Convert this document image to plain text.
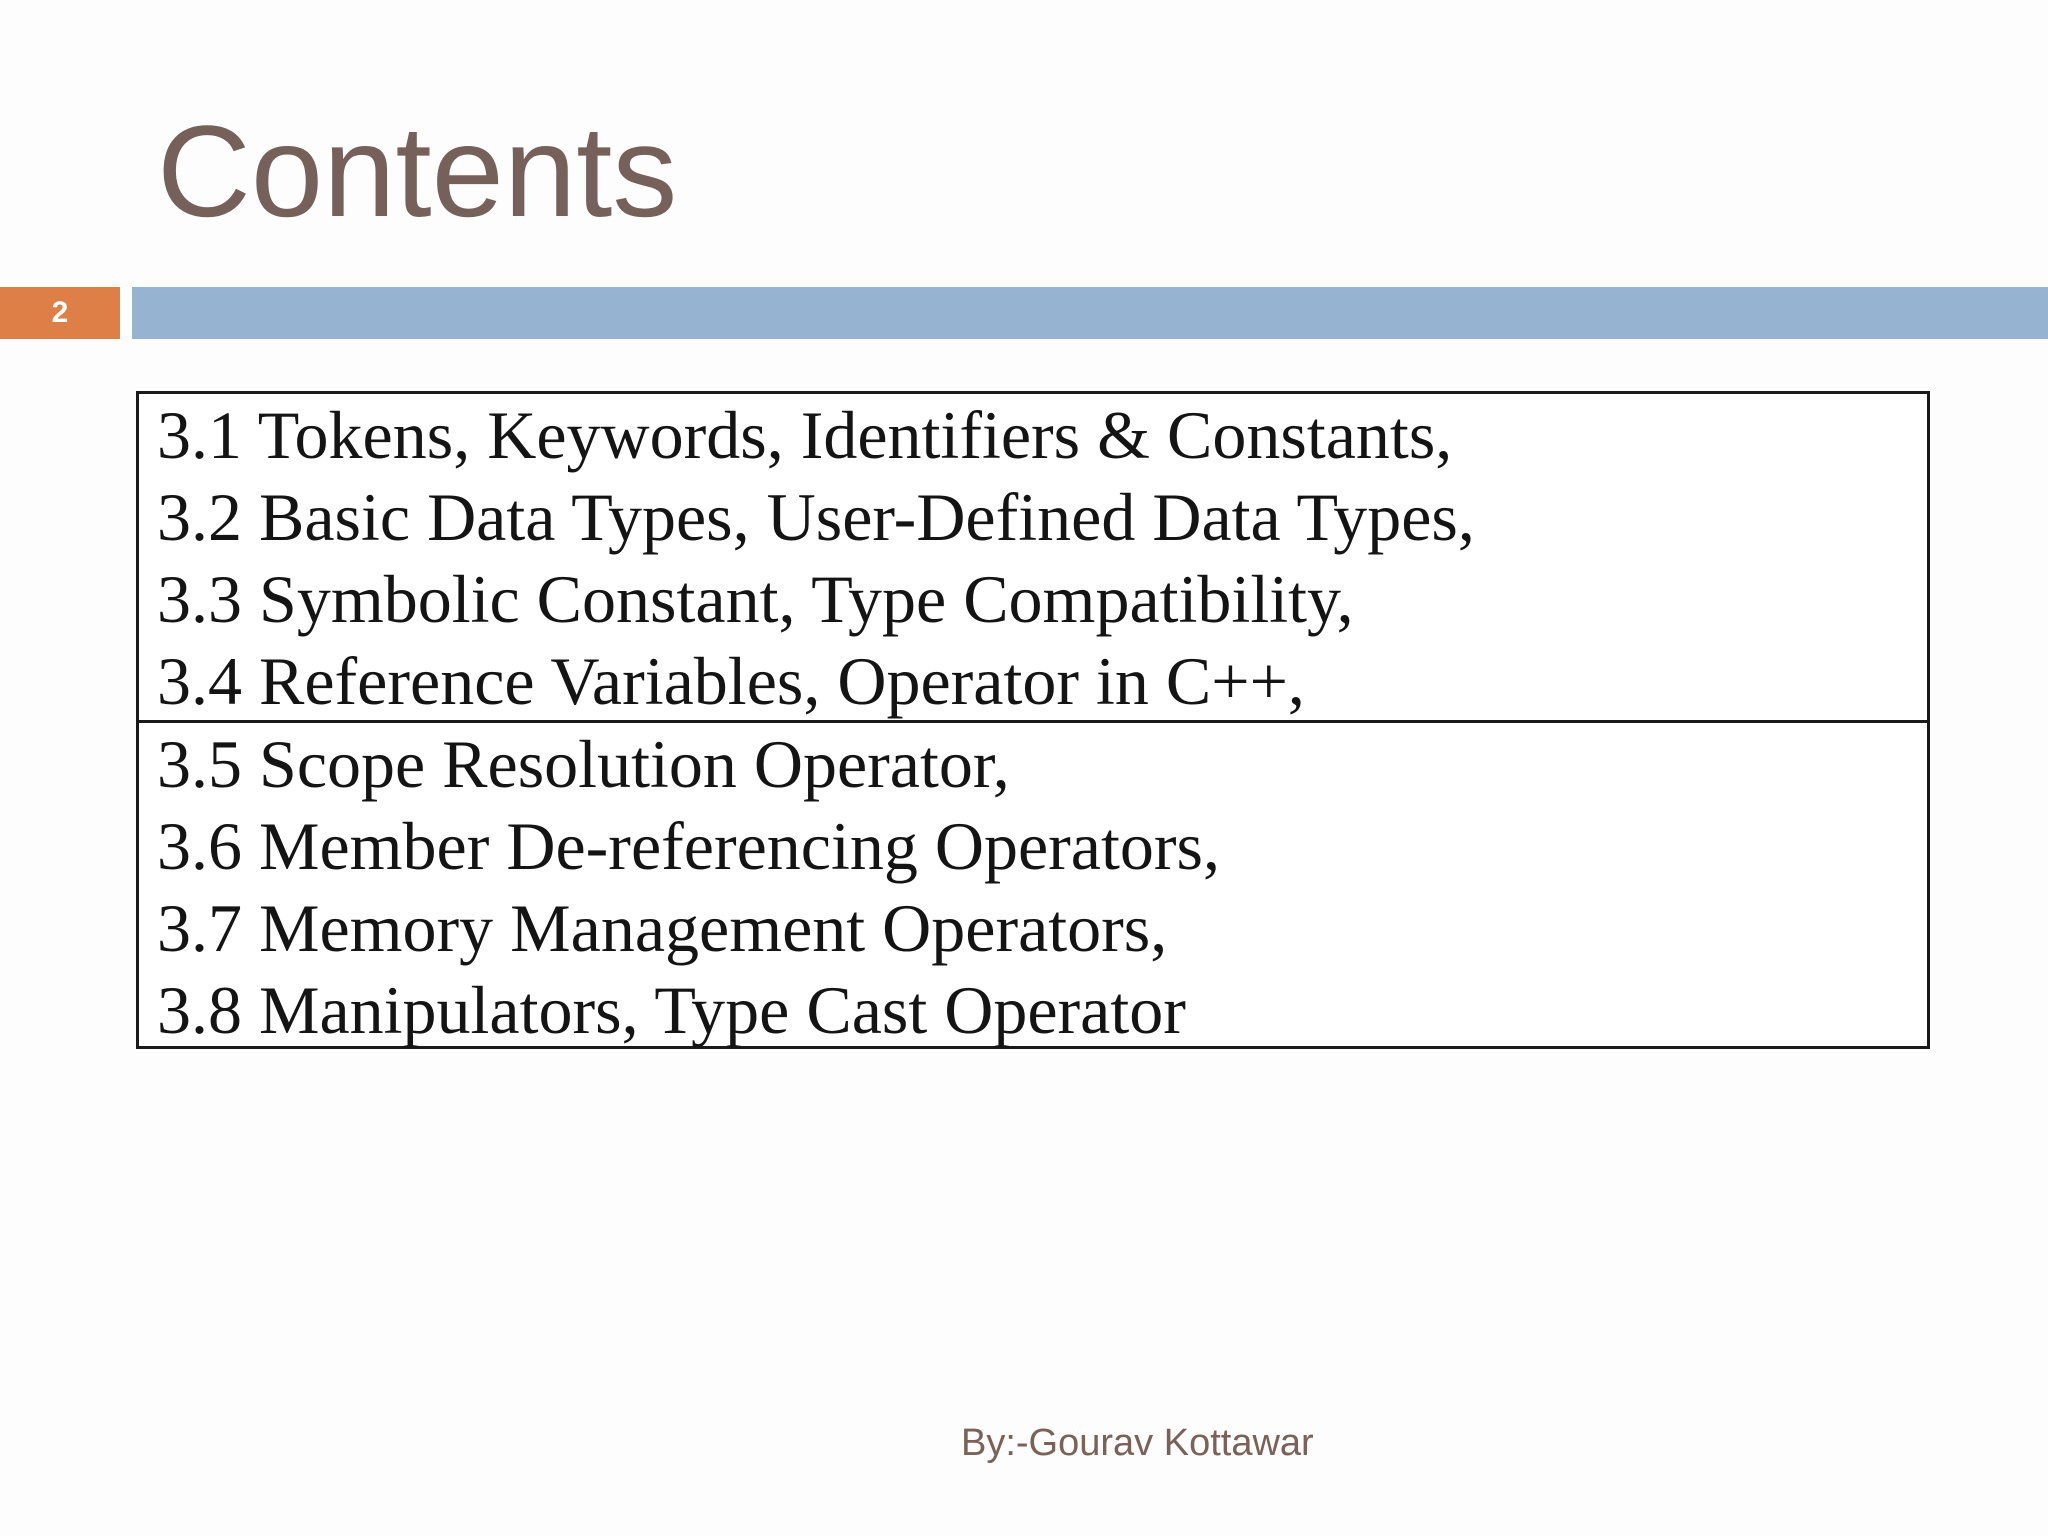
Contents
2

3.1 Tokens, Keywords, Identifiers & Constants,

3.2 Basic Data Types, User-Defined Data Types,

3.3 Symbolic Constant, Type Compatibility,

3.4 Reference Variables, Operator in C++,

3.5 Scope Resolution Operator,

3.6 Member De-referencing Operators,

3.7 Memory Management Operators,

3.8 Manipulators, Type Cast Operator

By:-Gourav Kottawar
